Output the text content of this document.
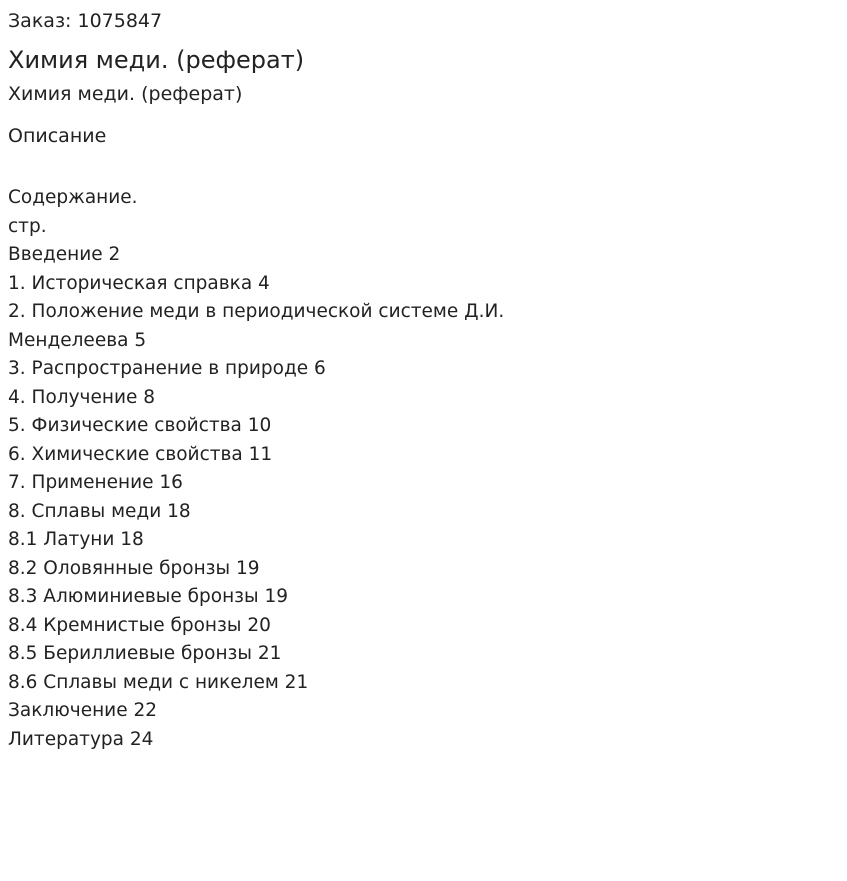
Заказ: 1075847

Химия меди. (реферат)

Химия меди. (реферат)

Описание

Содержание.
стр.
Введение 2
1. Историческая справка 4
2. Положение меди в периодической системе Д.И.
Менделеева 5
3. Распространение в природе 6
4. Получение 8
5. Физические свойства 10
6. Химические свойства 11
7. Применение 16
8. Сплавы меди 18
8.1 Латуни 18
8.2 Оловянные бронзы 19
8.3 Алюминиевые бронзы 19
8.4 Кремнистые бронзы 20
8.5 Бериллиевые бронзы 21
8.6 Сплавы меди с никелем 21
Заключение 22
Литература 24
